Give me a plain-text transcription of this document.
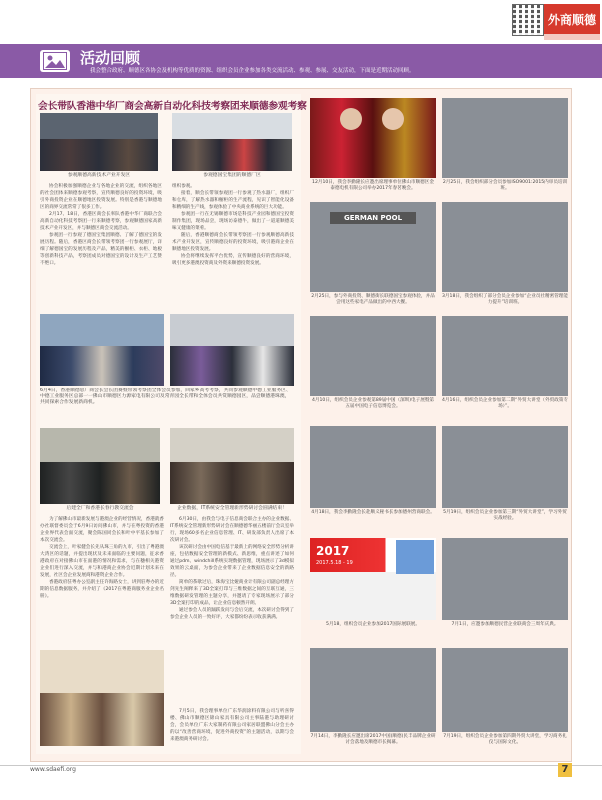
外商顺德
活动回顾
我会整合政府、顺德区各协会及机构等优质的资源、组织会员企业参加各类交流活动、参观、参展、交友活动，下面是近期活动回顾。
会长带队香港中华厂商会高新自动化科技考察团来顺德参观考察
参观顺德高新技术产业开发区	参观德国宝集团的顺德厂区
协会积极加强顺德企业与各地企业的交流，组织各地区的社会团体来顺德参观考察，宣传顺德良好的投资环境，吸引外商投资企业在顺德地区投资发展。特别是香港与顺德地区的商界交流常常了很多工作。
2月17、18日，香港区商会长率队香港中华厂商联合会高新自动化科技考察团一行来顺德考察，参观顺德国家高新技术产业开发区，并与顺德区商会交流活动。
参观团一行参观了德国宝集团顺德、了解了德国宝的发展历程。随后，香港区商会长带领考察团一行参观展厅，详细了解德国宝的发展历程及产品，精美的橱柜、衣柜、地板等创新科技产品，考察团成员对德国宝的设计及生产工艺赞不绝口。
组织参观。
接着，顺会长带领参观团一行参观了热水器厂，组织厂和仓库，了解热水器和橱柜的生产流程，见识了智能化设备和精细的生产线，参观体验了中央商业系统的巨大功能。
参观团一行在无锡顺德市场是科技产业园和德国宝投资制作集团，现场品尝，现场访泰德牛，做出了一道道顺德美味又健康的菜肴。
随后，香港顺德商会长带领考察团一行参观顺德高新技术产业开发区，宣传顺德良好的投资环境，吸引港商企业在顺德地区投资发展。
协会将继续发挥平台优势，宣传顺德良好的营商环境，吸引更多港澳投资商及外资来顺德投资发展。
6月4日，香港顺德思厂商会长会长团赛暨带领考察团全体会员参加，回家乡高考考察，共同参观顺德中德工业服务区、中德工业服务区总部一一佛山市顺德区力源家电有限公司及常青园全长带和全体会员共赏顺德园区，品尝顺德港珠澳，共同探索合作发展新商机。
后建全厂和香港长春行教交流会	企业数据，IT系统安全管理新形势研讨会圆满结束！
为了解佛山市最新发展与港澳企业的经营情况，香港就香办社联督委员会于6月9日访问佛山市，并与在粤投资的香港企业界代表会面交流，聚会陈国同会长和叶中平基长参加了本次交流会。
交流会上，叶家健会长先从珠三角的九市，引出了粤港澳大湾区的话题，并提出现状及未来面临的主要问题，征求香港政府在对接佛山市在面港的情况和需求，与在穗相关港资企业们进行深入交流，并与和港商企业协会近期计划未来在发展，社区会企业发展商和港资企业合作。
香港政府驻粤办公室副主任许海路女士，讲到驻粤办的近期的信息数据服务，并介绍了《2017在粤港商服务业企业名册》。
6月30日，由我会与电子信息商会联合主办的企业数据、IT系统安全管理新形势研讨会在顺德德华丽五楼前厅会议室举行，现场60多名企业信息管理、IT、研发部负责人出席了本次研讨会。
该次研讨会由中国电信基于最新上的网络安全形势分析讲座，包括数据安全管理的新模式、新思维，重点讲述了如何通过pdm、windchill系统实现数据管理，现场展示了3d模拟效果的云桌面，为参会企业带来了企业数据信息安全的新路径。
简单的茶歇过后，珠海宝比娅商业计有限公司副总经理方剑先生阐释来了3D全案打印与三维数据之间的互联互通，三维数据研发管理的主题分享，并邀请了专家现场展示了部分3D全案打印的成品，让企业信息顿然开朗。
通过参会人员的踊跃发问与会后交流，本次研讨会得到了参会企业人员的一致好评，大家都纷纷表示收获满满。
7月5日，我会理事单位广东华润涂料有限公司与听喜得楼、佛山市顺德区锦山家具有限公司主事陆港与助理研讨会，会员单位广东大家制药有限公司家居联盟佛山分会主办的以“改善营商环境，促进外商投资”的主题活动，以期与会来港澳商务研讨会。
12月10日，我会李勤隆长应邀出席理事单位佛山市顺德区金泰德电机有限公司举办2017年春茗晚会。
2月25日，我会组织部分会员参加ISO9001:2015内审员培训班。
GERMAN POOL
2月25日，参与外商投资、顺德街长联德国宝参观体验，并品尝用这些家电产品做出的中西大餐。
3月18日，我会组织了部分会员企业参加“企业员社精密管理能力提升”培训班。
4月10日，组织会员企业参观第89届中国（深圳)电子展暨第五届中国电子信息博览会。
4月16日，组织会员企业参加第二期“外贸大讲堂（外贸政策专场）”。
4月18日，我会李勤隆会长赴顺义秘书长参加德州营商联会。 5月19日，组织会员企业参加第三期“外贸大讲堂”，学习外贸实战经验。
2017
2017.5.18 - 19
5月18，组织会员企业参加2017国际展联展。	7月1日，应邀参加顺德民营企业联商会三周年庆典。
7月14日，李勤隆长应邀出席2017中国(顺德)民丰品牌企业研讨会落地及顺德市长揭幕。
7月19日，组织会员企业参加第四期外贸大讲堂，学习商务礼仪与国际文化。
www.sdaefi.org	7
